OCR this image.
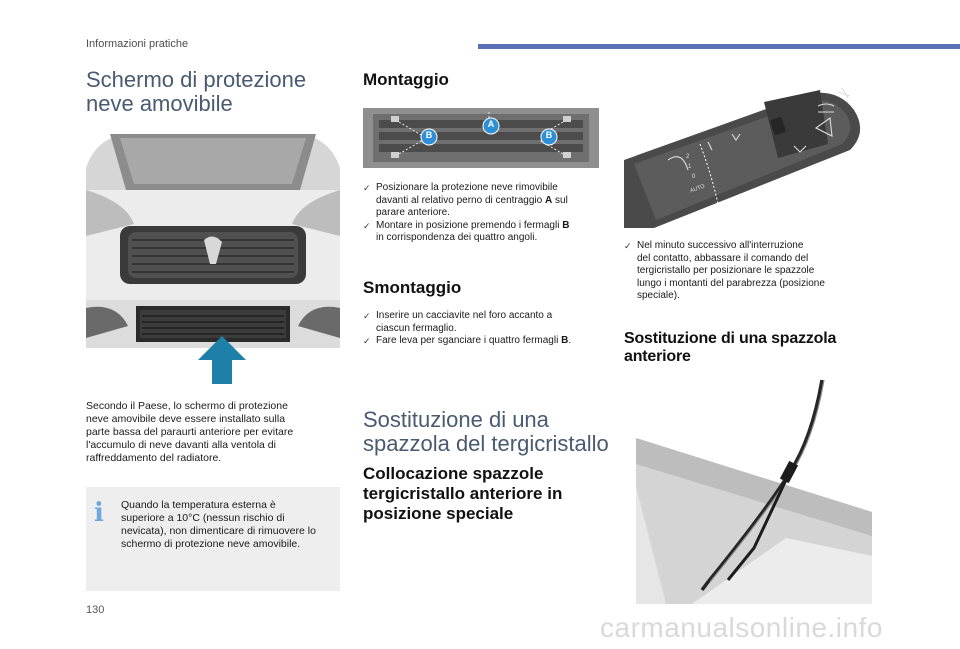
Informazioni pratiche
Schermo di protezione
neve amovibile
Secondo il Paese, lo schermo di protezione
neve amovibile deve essere installato sulla
parte bassa del paraurti anteriore per evitare
l'accumulo di neve davanti alla ventola di
raffreddamento del radiatore.
i Quando la temperatura esterna è
superiore a 10°C (nessun rischio di
nevicata), non dimenticare di rimuovere lo
schermo di protezione neve amovibile.
Montaggio
B
A
B
✓ Posizionare la protezione neve rimovibile
davanti al relativo perno di centraggio A sul
parare anteriore.
✓ Montare in posizione premendo i fermagli B
in corrispondenza dei quattro angoli.
Smontaggio
✓ Inserire un cacciavite nel foro accanto a
ciascun fermaglio.
✓ Fare leva per sganciare i quattro fermagli B.
Sostituzione di una
spazzola del tergicristallo
Collocazione spazzole
tergicristallo anteriore in
posizione speciale
2
1
0
AUTO
✓ Nel minuto successivo all'interruzione
del contatto, abbassare il comando del
tergicristallo per posizionare le spazzole
lungo i montanti del parabrezza (posizione
speciale).
Sostituzione di una spazzola anteriore
130
carmanualsonline.info
